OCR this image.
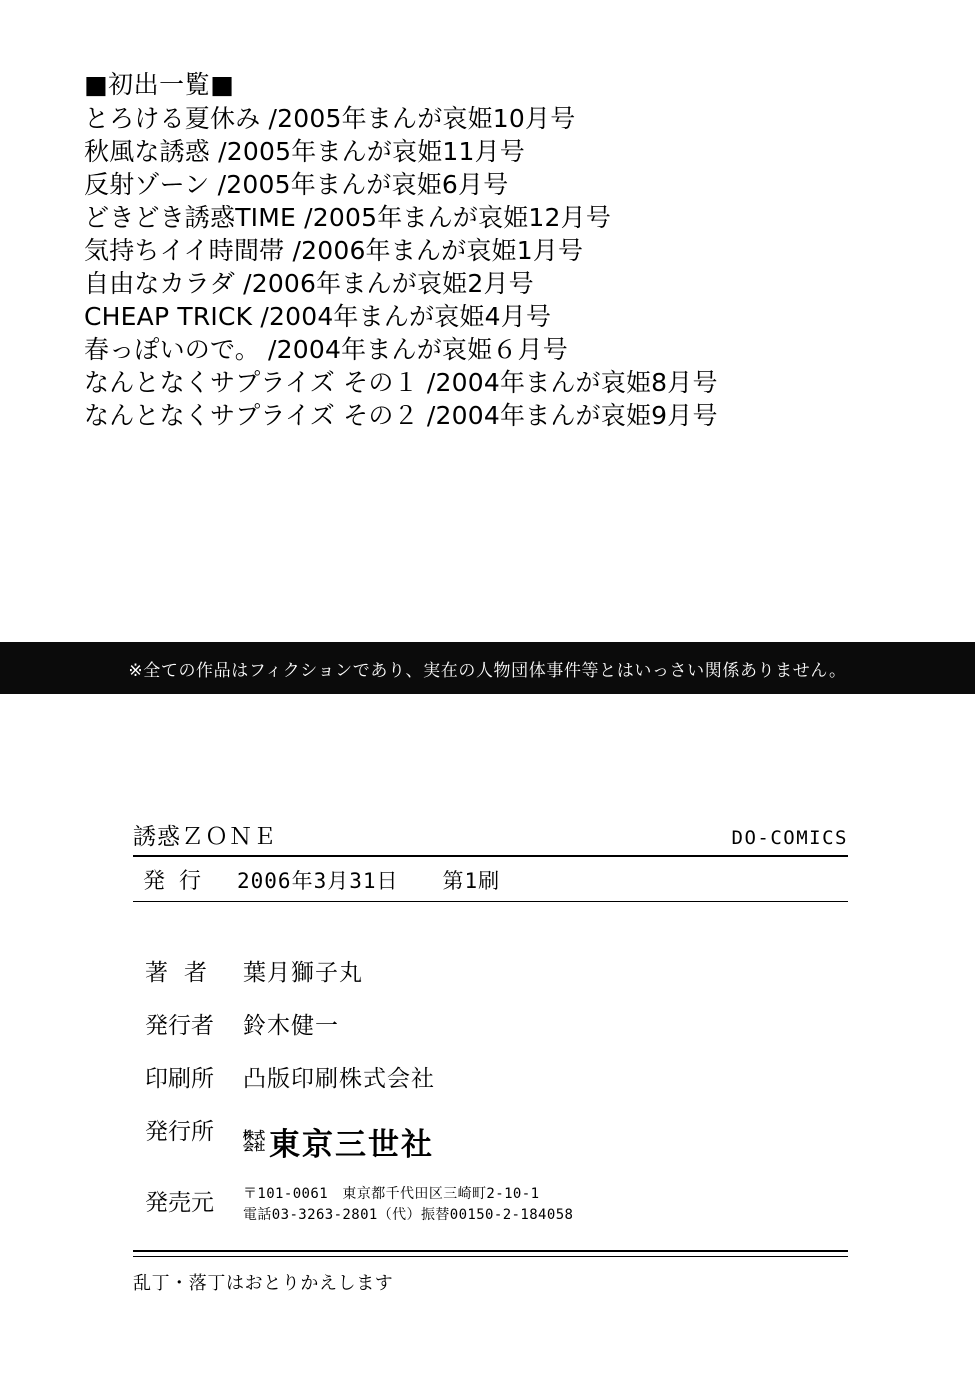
■初出一覧■
とろける夏休み /2005年まんが哀姫10月号
秋風な誘惑 /2005年まんが哀姫11月号
反射ゾーン /2005年まんが哀姫6月号
どきどき誘惑TIME /2005年まんが哀姫12月号
気持ちイイ時間帯 /2006年まんが哀姫1月号
自由なカラダ /2006年まんが哀姫2月号
CHEAP TRICK /2004年まんが哀姫4月号
春っぽいので。 /2004年まんが哀姫６月号
なんとなくサプライズ その１ /2004年まんが哀姫8月号
なんとなくサプライズ その２ /2004年まんが哀姫9月号
※全ての作品はフィクションであり、実在の人物団体事件等とはいっさい関係ありません。
誘惑ＺＯＮＥ	DO-COMICS
発行	2006年3月31日 第1刷
著者 葉月獅子丸
発行者	鈴木健一
印刷所	凸版印刷株式会社
発行所	株式
会社 東京三世社
発売元	〒101-0061　東京都千代田区三崎町2-10-1
電話03-3263-2801（代）振替00150-2-184058
乱丁・落丁はおとりかえします
